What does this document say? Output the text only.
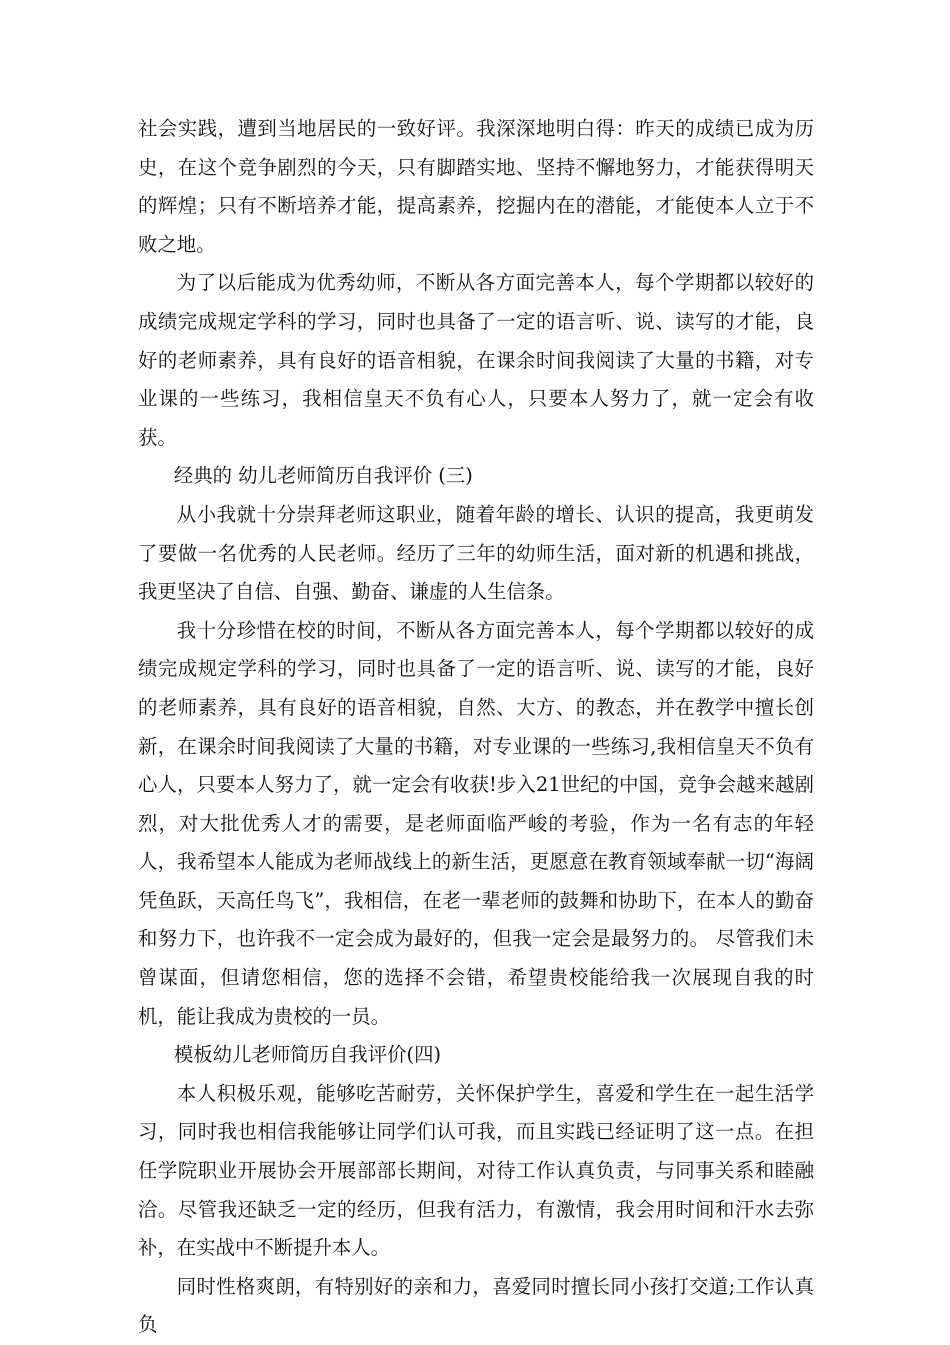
社会实践，遭到当地居民的一致好评。我深深地明白得：昨天的成绩已成为历史，在这个竞争剧烈的今天，只有脚踏实地、坚持不懈地努力，才能获得明天的辉煌；只有不断培养才能，提高素养，挖掘内在的潜能，才能使本人立于不败之地。

为了以后能成为优秀幼师，不断从各方面完善本人，每个学期都以较好的成绩完成规定学科的学习，同时也具备了一定的语言听、说、读写的才能，良好的老师素养，具有良好的语音相貌，在课余时间我阅读了大量的书籍，对专业课的一些练习，我相信皇天不负有心人，只要本人努力了，就一定会有收获。

经典的 幼儿老师简历自我评价 (三)

从小我就十分崇拜老师这职业，随着年龄的增长、认识的提高，我更萌发了要做一名优秀的人民老师。经历了三年的幼师生活，面对新的机遇和挑战，我更坚决了自信、自强、勤奋、谦虚的人生信条。

我十分珍惜在校的时间，不断从各方面完善本人，每个学期都以较好的成绩完成规定学科的学习，同时也具备了一定的语言听、说、读写的才能，良好的老师素养，具有良好的语音相貌，自然、大方、的教态，并在教学中擅长创新，在课余时间我阅读了大量的书籍，对专业课的一些练习,我相信皇天不负有心人，只要本人努力了，就一定会有收获!步入21世纪的中国，竞争会越来越剧烈，对大批优秀人才的需要，是老师面临严峻的考验，作为一名有志的年轻人，我希望本人能成为老师战线上的新生活，更愿意在教育领域奉献一切“海阔凭鱼跃，天高任鸟飞”，我相信，在老一辈老师的鼓舞和协助下，在本人的勤奋和努力下，也许我不一定会成为最好的，但我一定会是最努力的。 尽管我们未曾谋面，但请您相信，您的选择不会错，希望贵校能给我一次展现自我的时机，能让我成为贵校的一员。

模板幼儿老师简历自我评价(四)

本人积极乐观，能够吃苦耐劳，关怀保护学生，喜爱和学生在一起生活学习，同时我也相信我能够让同学们认可我，而且实践已经证明了这一点。在担任学院职业开展协会开展部部长期间，对待工作认真负责，与同事关系和睦融洽。尽管我还缺乏一定的经历，但我有活力，有激情，我会用时间和汗水去弥补，在实战中不断提升本人。

同时性格爽朗，有特别好的亲和力，喜爱同时擅长同小孩打交道;工作认真负
